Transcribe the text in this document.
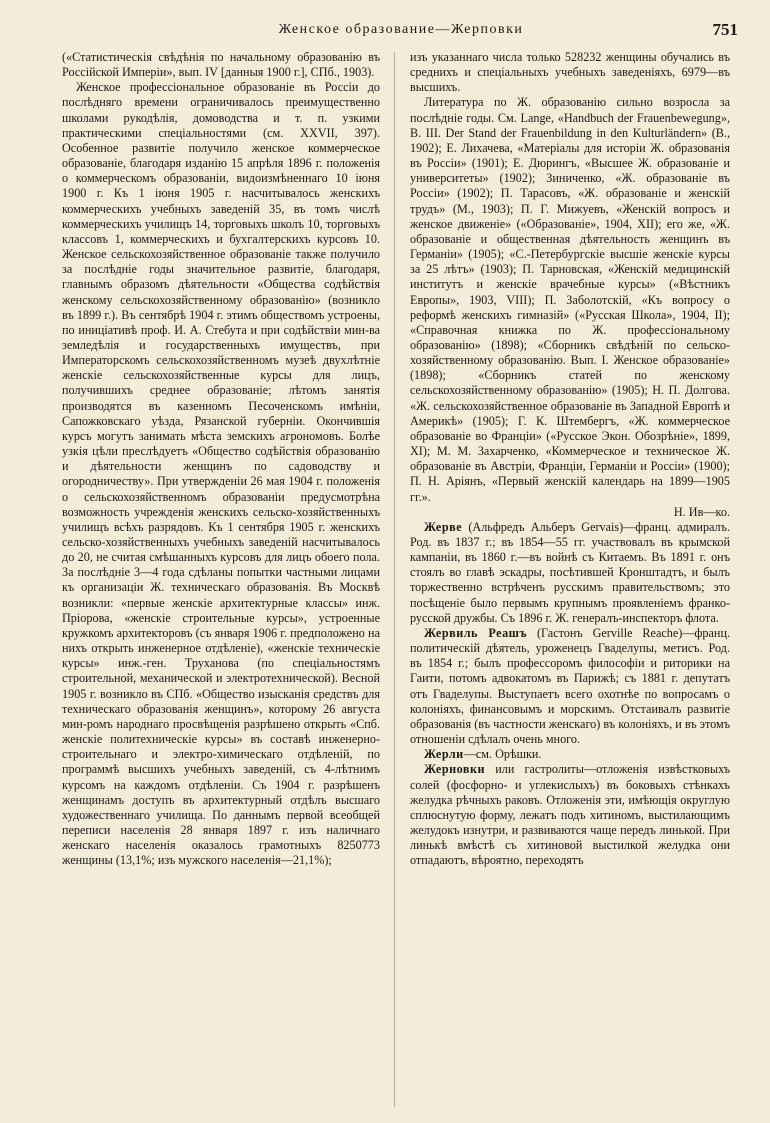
Женское образование—Жерповки	751

(«Статистическія свѣдѣнія по начальному образованію въ Россійской Имперіи», вып. IV [данныя 1900 г.], СПб., 1903).

Женское профессіональное образованіе въ Россіи до послѣдняго времени ограничивалось преимущественно школами рукодѣлія, домоводства и т. п. узкими практическими спеціальностями (см. XXVII, 397). Особенное развитіе получило женское коммерческое образованіе, благодаря изданію 15 апрѣля 1896 г. положенія о коммерческомъ образованіи, видоизмѣненнаго 10 іюня 1900 г. Къ 1 іюня 1905 г. насчитывалось женскихъ коммерческихъ учебныхъ заведеній 35, въ томъ числѣ коммерческихъ училищъ 14, торговыхъ школъ 10, торговыхъ классовъ 1, коммерческихъ и бухгалтерскихъ курсовъ 10. Женское сельскохозяйственное образованіе также получило за послѣдніе годы значительное развитіе, благодаря, главнымъ образомъ дѣятельности «Общества содѣйствія женскому сельскохозяйственному образованію» (возникло въ 1899 г.). Въ сентябрѣ 1904 г. этимъ обществомъ устроены, по иниціативѣ проф. И. А. Стебута и при содѣйствіи мин-ва земледѣлія и государственныхъ имуществъ, при Императорскомъ сельскохозяйственномъ музеѣ двухлѣтніе женскіе сельскохозяйственные курсы для лицъ, получившихъ среднее образованіе; лѣтомъ занятія производятся въ казенномъ Песоченскомъ имѣніи, Сапожковскаго уѣзда, Рязанской губерніи. Окончившія курсъ могутъ занимать мѣста земскихъ агрономовъ. Болѣе узкія цѣли преслѣдуетъ «Общество содѣйствія образованію и дѣятельности женщинъ по садоводству и огородничеству». При утвержденіи 26 мая 1904 г. положенія о сельскохозяйственномъ образованіи предусмотрѣна возможность учрежденія женскихъ сельско-хозяйственныхъ училищъ всѣхъ разрядовъ. Къ 1 сентября 1905 г. женскихъ сельско-хозяйственныхъ учебныхъ заведеній насчитывалось до 20, не считая смѣшанныхъ курсовъ для лицъ обоего пола. За послѣдніе 3—4 года сдѣланы попытки частными лицами къ организаціи Ж. техническаго образованія. Въ Москвѣ возникли: «первые женскіе архитектурные классы» инж. Пріорова, «женскіе строительные курсы», устроенные кружкомъ архитекторовъ (съ января 1906 г. предположено на нихъ открыть инженерное отдѣленіе), «женскіе техническіе курсы» инж.-ген. Труханова (по спеціальностямъ строительной, механической и электротехнической). Весной 1905 г. возникло въ СПб. «Общество изысканія средствъ для техническаго образованія женщинъ», которому 26 августа мин-ромъ народнаго просвѣщенія разрѣшено открыть «Спб. женскіе политехническіе курсы» въ составѣ инженерно-строительнаго и электро-химическаго отдѣленій, по программѣ высшихъ учебныхъ заведеній, съ 4-лѣтнимъ курсомъ на каждомъ отдѣленіи. Съ 1904 г. разрѣшенъ женщинамъ доступъ въ архитектурный отдѣлъ высшаго художественнаго училища. По даннымъ первой всеобщей переписи населенія 28 января 1897 г. изъ наличнаго женскаго населенія оказалось грамотныхъ 8250773 женщины (13,1%; изъ мужского населенія—21,1%);

изъ указаннаго числа только 528232 женщины обучались въ среднихъ и спеціальныхъ учебныхъ заведеніяхъ, 6979—въ высшихъ.

Литература по Ж. образованію сильно возросла за послѣдніе годы. См. Lange, «Handbuch der Frauenbewegung», B. III. Der Stand der Frauenbildung in den Kulturländern» (B., 1902); Е. Лихачева, «Матеріалы для исторіи Ж. образованія въ Россіи» (1901); Е. Дюрингъ, «Высшее Ж. образованіе и университеты» (1902); Зиниченко, «Ж. образованіе въ Россіи» (1902); П. Тарасовъ, «Ж. образованіе и женскій трудъ» (М., 1903); П. Г. Мижуевъ, «Женскій вопросъ и женское движеніе» («Образованіе», 1904, XII); его же, «Ж. образованіе и общественная дѣятельность женщинъ въ Германіи» (1905); «С.-Петербургскіе высшіе женскіе курсы за 25 лѣтъ» (1903); П. Тарновская, «Женскій медицинскій институтъ и женскіе врачебные курсы» («Вѣстникъ Европы», 1903, VIII); П. Заболотскій, «Къ вопросу о реформѣ женскихъ гимназій» («Русская Школа», 1904, II); «Справочная книжка по Ж. профессіональному образованію» (1898); «Сборникъ свѣдѣній по сельско-хозяйственному образованію. Вып. I. Женское образованіе» (1898); «Сборникъ статей по женскому сельскохозяйственному образованію» (1905); Н. П. Долгова. «Ж. сельскохозяйственное образованіе въ Западной Европѣ и Америкѣ» (1905); Г. К. Штембергъ, «Ж. коммерческое образованіе во Франціи» («Русское Экон. Обозрѣніе», 1899, XI); М. М. Захарченко, «Коммерческое и техническое Ж. образованіе въ Австріи, Франціи, Германіи и Россіи» (1900); П. Н. Аріянъ, «Первый женскій календарь на 1899—1905 гг.».

Н. Ив—ко.

Жерве (Альфредъ Альберъ Gervais)—франц. адмиралъ. Род. въ 1837 г.; въ 1854—55 гг. участвовалъ въ крымской кампаніи, въ 1860 г.—въ войнѣ съ Китаемъ. Въ 1891 г. онъ стоялъ во главѣ эскадры, посѣтившей Кронштадтъ, и былъ торжественно встрѣченъ русскимъ правительствомъ; это посѣщеніе было первымъ крупнымъ проявленіемъ франко-русской дружбы. Съ 1896 г. Ж. генералъ-инспекторъ флота.

Жервиль Реашъ (Гастонъ Gerville Reache)—франц. политическій дѣятель, уроженецъ Гваделупы, метисъ. Род. въ 1854 г.; былъ профессоромъ философіи и риторики на Гаити, потомъ адвокатомъ въ Парижѣ; съ 1881 г. депутатъ отъ Гваделупы. Выступаетъ всего охотнѣе по вопросамъ о колоніяхъ, финансовымъ и морскимъ. Отстаивалъ развитіе образованія (въ частности женскаго) въ колоніяхъ, и въ этомъ отношеніи сдѣлалъ очень много.

Жерли—см. Орѣшки.

Жерновки или гастролиты—отложенія извѣстковыхъ солей (фосфорно- и углекислыхъ) въ боковыхъ стѣнкахъ желудка рѣчныхъ раковъ. Отложенія эти, имѣющія округлую сплюснутую форму, лежатъ подъ хитиномъ, выстилающимъ желудокъ изнутри, и развиваются чаще передъ линькой. При линькѣ вмѣстѣ съ хитиновой выстилкой желудка они отпадаютъ, вѣроятно, переходятъ
